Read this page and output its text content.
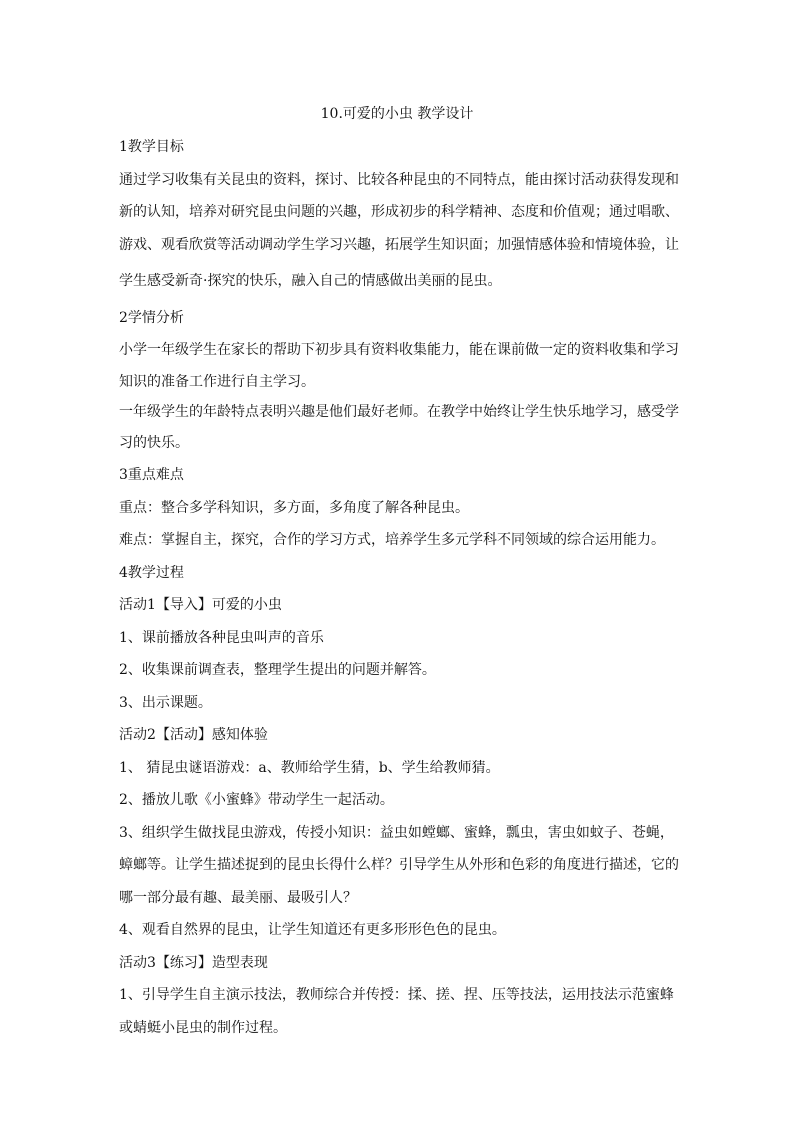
10.可爱的小虫 教学设计

1教学目标

通过学习收集有关昆虫的资料，探讨、比较各种昆虫的不同特点，能由探讨活动获得发现和

新的认知，培养对研究昆虫问题的兴趣，形成初步的科学精神、态度和价值观；通过唱歌、

游戏、观看欣赏等活动调动学生学习兴趣，拓展学生知识面；加强情感体验和情境体验，让

学生感受新奇·探究的快乐，融入自己的情感做出美丽的昆虫。

2学情分析

小学一年级学生在家长的帮助下初步具有资料收集能力，能在课前做一定的资料收集和学习

知识的准备工作进行自主学习。

一年级学生的年龄特点表明兴趣是他们最好老师。在教学中始终让学生快乐地学习，感受学

习的快乐。

3重点难点

重点：整合多学科知识，多方面，多角度了解各种昆虫。

难点：掌握自主，探究，合作的学习方式，培养学生多元学科不同领域的综合运用能力。

4教学过程

活动1【导入】可爱的小虫

1、课前播放各种昆虫叫声的音乐

2、收集课前调查表，整理学生提出的问题并解答。

3、出示课题。

活动2【活动】感知体验

1、 猜昆虫谜语游戏：a、教师给学生猜，b、学生给教师猜。

2、播放儿歌《小蜜蜂》带动学生一起活动。

3、组织学生做找昆虫游戏，传授小知识：益虫如螳螂、蜜蜂，瓢虫，害虫如蚊子、苍蝇，

蟑螂等。让学生描述捉到的昆虫长得什么样？引导学生从外形和色彩的角度进行描述，它的

哪一部分最有趣、最美丽、最吸引人？

4、观看自然界的昆虫，让学生知道还有更多形形色色的昆虫。

活动3【练习】造型表现

1、引导学生自主演示技法，教师综合并传授：揉、搓、捏、压等技法，运用技法示范蜜蜂

或蜻蜓小昆虫的制作过程。
